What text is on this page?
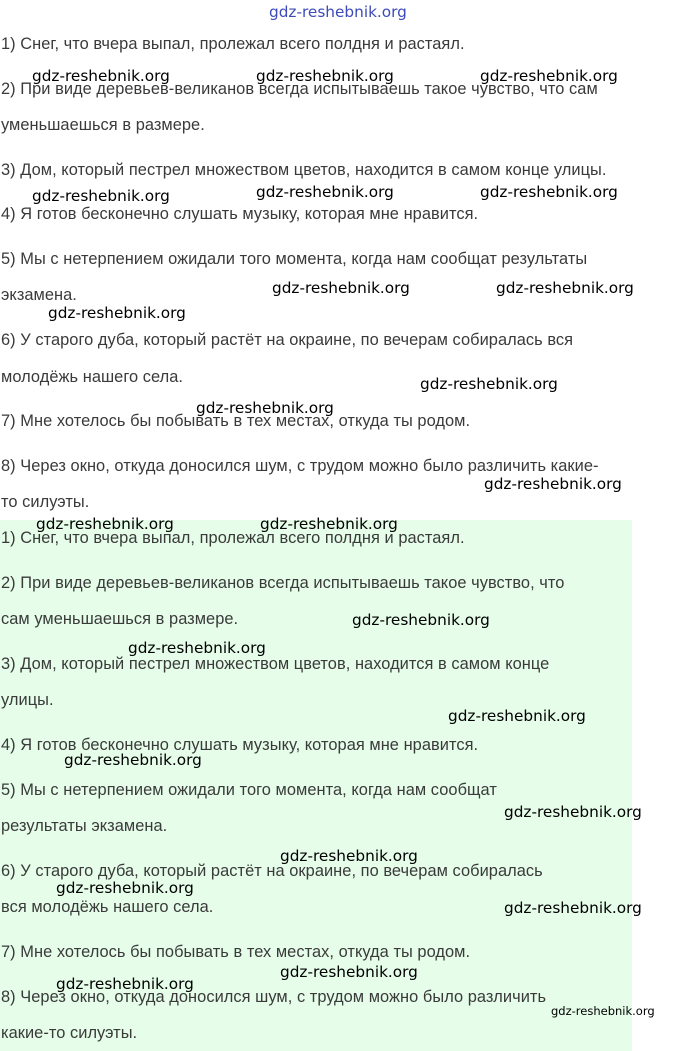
1) Снег, что вчера выпал, пролежал всего полдня и растаял.

2) При виде деревьев-великанов всегда испытываешь такое чувство, что сам

уменьшаешься в размере.

3) Дом, который пестрел множеством цветов, находится в самом конце улицы.

4) Я готов бесконечно слушать музыку, которая мне нравится.

5) Мы с нетерпением ожидали того момента, когда нам сообщат результаты

экзамена.

6) У старого дуба, который растёт на окраине, по вечерам собиралась вся

молодёжь нашего села.

7) Мне хотелось бы побывать в тех местах, откуда ты родом.

8) Через окно, откуда доносился шум, с трудом можно было различить какие-

то силуэты.

1) Снег, что вчера выпал, пролежал всего полдня и растаял.

2) При виде деревьев-великанов всегда испытываешь такое чувство, что

сам уменьшаешься в размере.

3) Дом, который пестрел множеством цветов, находится в самом конце

улицы.

4) Я готов бесконечно слушать музыку, которая мне нравится.

5) Мы с нетерпением ожидали того момента, когда нам сообщат

результаты экзамена.

6) У старого дуба, который растёт на окраине, по вечерам собиралась

вся молодёжь нашего села.

7) Мне хотелось бы побывать в тех местах, откуда ты родом.

8) Через окно, откуда доносился шум, с трудом можно было различить

какие-то силуэты.

gdz-reshebnik.org
gdz-reshebnik.org	gdz-reshebnik.org	gdz-reshebnik.org
gdz-reshebnik.org	gdz-reshebnik.org	gdz-reshebnik.org
gdz-reshebnik.org	gdz-reshebnik.org
gdz-reshebnik.org
gdz-reshebnik.org
gdz-reshebnik.org
gdz-reshebnik.org
gdz-reshebnik.org	gdz-reshebnik.org
gdz-reshebnik.org
gdz-reshebnik.org
gdz-reshebnik.org
gdz-reshebnik.org
gdz-reshebnik.org
gdz-reshebnik.org
gdz-reshebnik.org
gdz-reshebnik.org
gdz-reshebnik.org
gdz-reshebnik.org
gdz-reshebnik.org
